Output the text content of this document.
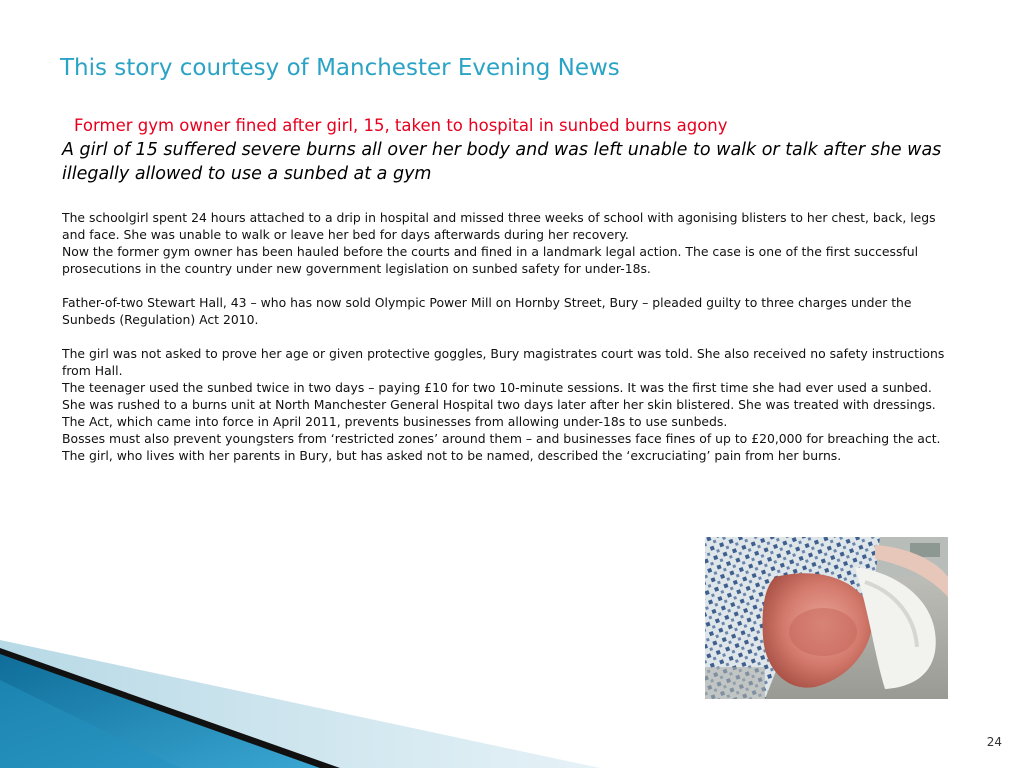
This story courtesy of Manchester Evening News
Former gym owner fined after girl, 15, taken to hospital in sunbed burns agony
A girl of 15 suffered severe burns all over her body and was left unable to walk or talk after she was illegally allowed to use a sunbed at a gym

The schoolgirl spent 24 hours attached to a drip in hospital and missed three weeks of school with agonising blisters to her chest, back, legs and face. She was unable to walk or leave her bed for days afterwards during her recovery.

Now the former gym owner has been hauled before the courts and fined in a landmark legal action. The case is one of the first successful prosecutions in the country under new government legislation on sunbed safety for under-18s.

Father-of-two Stewart Hall, 43 – who has now sold Olympic Power Mill on Hornby Street, Bury – pleaded guilty to three charges under the Sunbeds (Regulation) Act 2010.

The girl was not asked to prove her age or given protective goggles, Bury magistrates court was told. She also received no safety instructions from Hall.

The teenager used the sunbed twice in two days – paying £10 for two 10-minute sessions. It was the first time she had ever used a sunbed.

She was rushed to a burns unit at North Manchester General Hospital two days later after her skin blistered. She was treated with dressings.

The Act, which came into force in April 2011, prevents businesses from allowing under-18s to use sunbeds.

Bosses must also prevent youngsters from ‘restricted zones’ around them – and businesses face fines of up to £20,000 for breaching the act.

The girl, who lives with her parents in Bury, but has asked not to be named, described the ‘excruciating’ pain from her burns.

24
